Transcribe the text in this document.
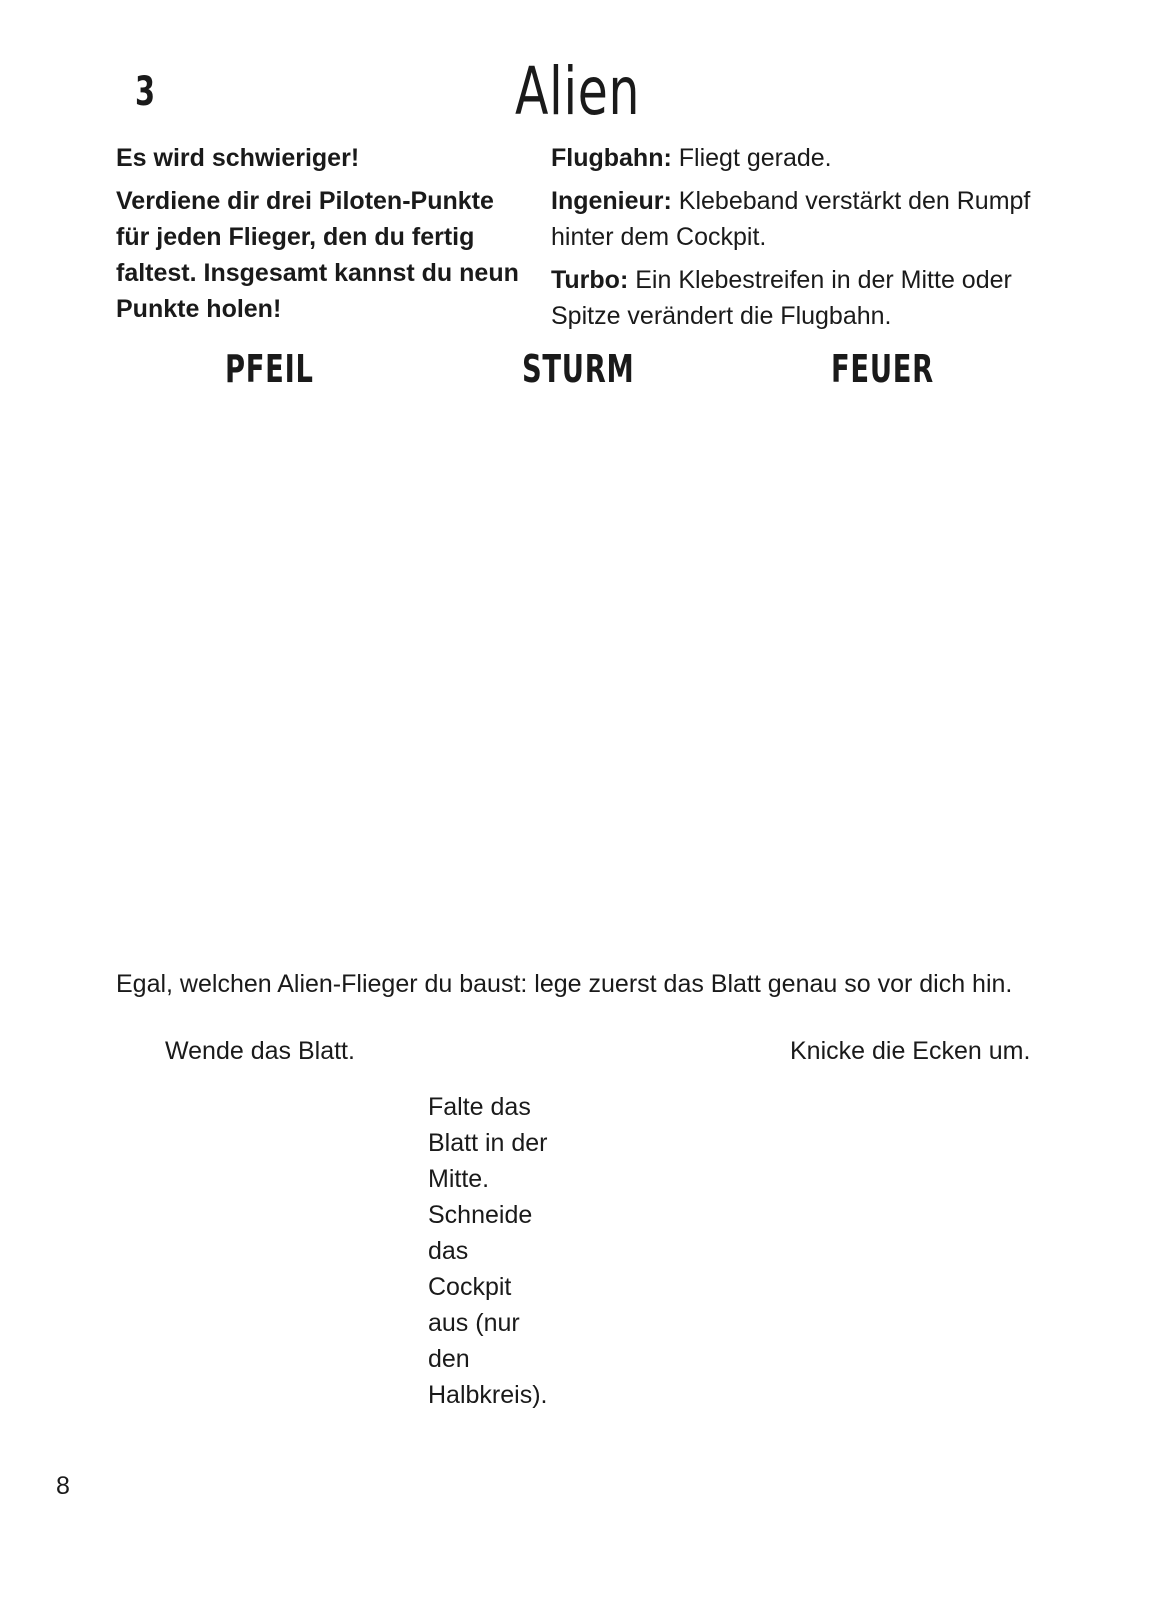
3	Alien

Es wird schwieriger!

Verdiene dir drei Piloten-Punkte für jeden Flieger, den du fertig faltest. Insgesamt kannst du neun Punkte holen!

Flugbahn: Fliegt gerade.

Ingenieur: Klebeband verstärkt den Rumpf hinter dem Cockpit.

Turbo: Ein Klebestreifen in der Mitte oder Spitze verändert die Flugbahn.

PFEIL	STURM	FEUER
Egal, welchen Alien-Flieger du baust: lege zuerst das Blatt genau so vor dich hin.
Wende das Blatt.	Knicke die Ecken um.
Falte das Blatt in der Mitte. Schneide das Cockpit aus (nur den Halbkreis).
8
